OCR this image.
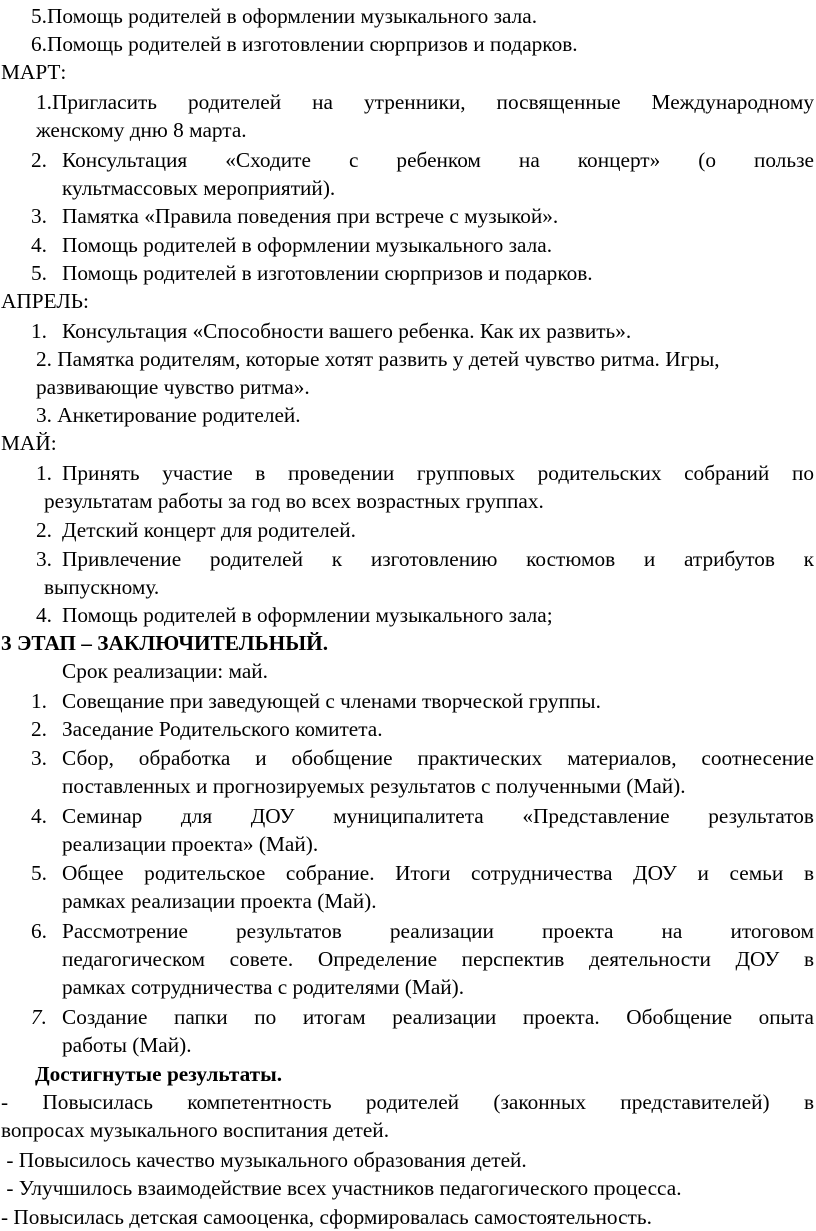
5.Помощь родителей в оформлении музыкального зала.
6.Помощь родителей в изготовлении сюрпризов и подарков.
МАРТ:
1.Пригласить родителей на утренники, посвященные Международному
женскому дню 8 марта.
2. Консультация «Сходите с ребенком на концерт» (о пользе
культмассовых мероприятий).
3. Памятка «Правила поведения при встрече с музыкой».
4. Помощь родителей в оформлении музыкального зала.
5. Помощь родителей в изготовлении сюрпризов и подарков.
АПРЕЛЬ:
1. Консультация «Способности вашего ребенка. Как их развить».
2. Памятка родителям, которые хотят развить у детей чувство ритма. Игры,
развивающие чувство ритма».
3. Анкетирование родителей.
МАЙ:
1. Принять участие в проведении групповых родительских собраний по
результатам работы за год во всех возрастных группах.
2. Детский концерт для родителей.
3. Привлечение родителей к изготовлению костюмов и атрибутов к
выпускному.
4. Помощь родителей в оформлении музыкального зала;
3 ЭТАП – ЗАКЛЮЧИТЕЛЬНЫЙ.
Срок реализации: май.
1. Совещание при заведующей с членами творческой группы.
2. Заседание Родительского комитета.
3. Сбор, обработка и обобщение практических материалов, соотнесение
поставленных и прогнозируемых результатов с полученными (Май).
4. Семинар для ДОУ муниципалитета «Представление результатов
реализации проекта» (Май).
5. Общее родительское собрание. Итоги сотрудничества ДОУ и семьи в
рамках реализации проекта (Май).
6. Рассмотрение результатов реализации проекта на итоговом
педагогическом совете. Определение перспектив деятельности ДОУ в
рамках сотрудничества с родителями (Май).
7. Создание папки по итогам реализации проекта. Обобщение опыта
работы (Май).
Достигнутые результаты.
- Повысилась компетентность родителей (законных представителей) в
вопросах музыкального воспитания детей.
- Повысилось качество музыкального образования детей.
- Улучшилось взаимодействие всех участников педагогического процесса.
- Повысилась детская самооценка, сформировалась самостоятельность.
